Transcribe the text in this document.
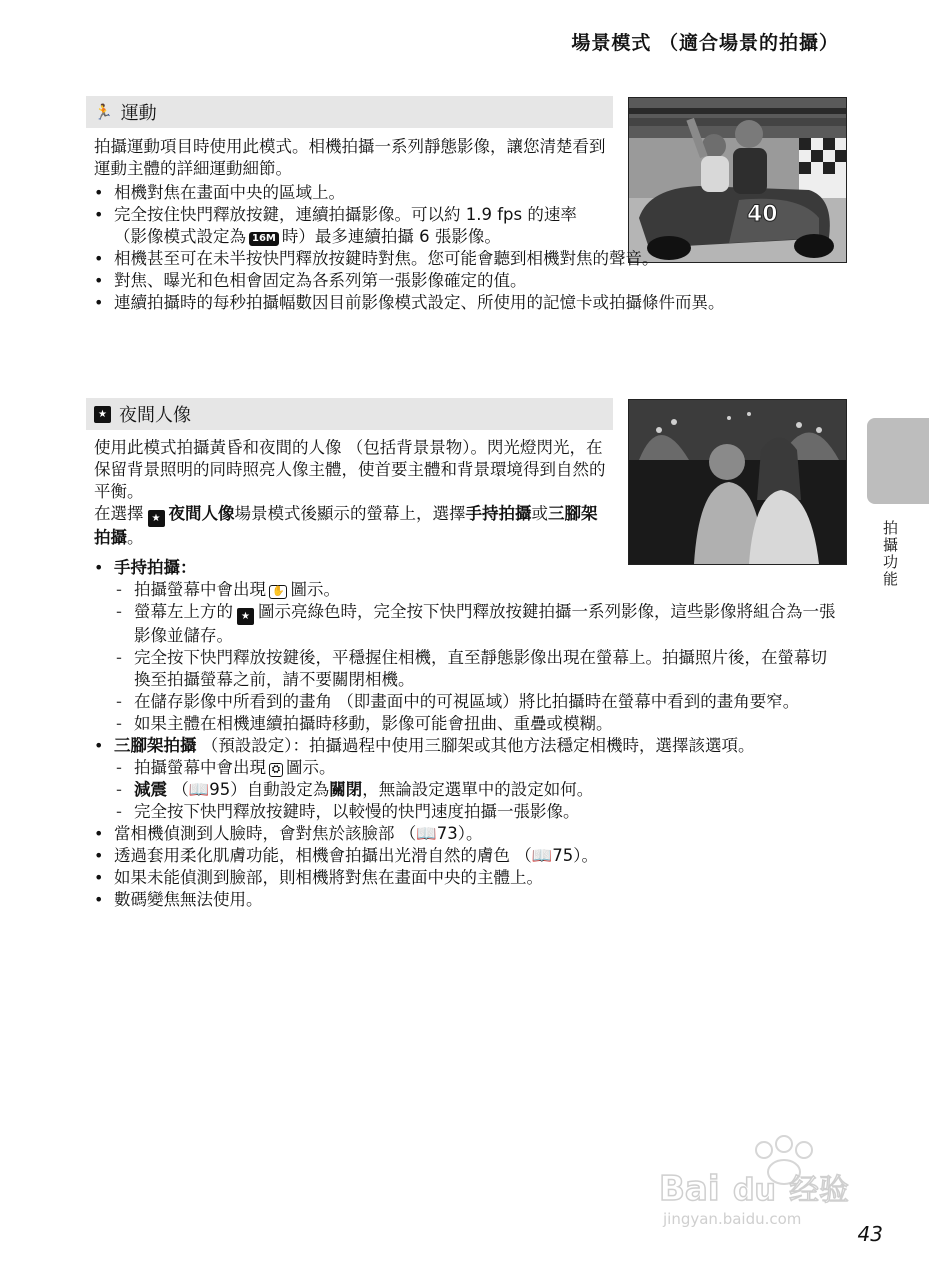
場景模式 （適合場景的拍攝）
🏃 運動
40

拍攝運動項目時使用此模式。相機拍攝一系列靜態影像，讓您清楚看到運動主體的詳細運動細節。

• 相機對焦在畫面中央的區域上。
• 完全按住快門釋放按鍵，連續拍攝影像。可以約 1.9 fps 的速率 （影像模式設定為 16M 時）最多連續拍攝 6 張影像。
• 相機甚至可在未半按快門釋放按鍵時對焦。您可能會聽到相機對焦的聲音。
• 對焦、曝光和色相會固定為各系列第一張影像確定的值。
• 連續拍攝時的每秒拍攝幅數因目前影像模式設定、所使用的記憶卡或拍攝條件而異。
★ 夜間人像

使用此模式拍攝黃昏和夜間的人像 （包括背景景物）。閃光燈閃光，在保留背景照明的同時照亮人像主體，使首要主體和背景環境得到自然的平衡。

在選擇 ★ 夜間人像場景模式後顯示的螢幕上，選擇手持拍攝或三腳架拍攝。

• 手持拍攝：
- 拍攝螢幕中會出現 ✋ 圖示。
- 螢幕左上方的 ★ 圖示亮綠色時，完全按下快門釋放按鍵拍攝一系列影像，這些影像將組合為一張影像並儲存。
- 完全按下快門釋放按鍵後，平穩握住相機，直至靜態影像出現在螢幕上。拍攝照片後，在螢幕切換至拍攝螢幕之前，請不要關閉相機。
- 在儲存影像中所看到的畫角 （即畫面中的可視區域）將比拍攝時在螢幕中看到的畫角要窄。
- 如果主體在相機連續拍攝時移動，影像可能會扭曲、重疊或模糊。
• 三腳架拍攝 （預設設定）：拍攝過程中使用三腳架或其他方法穩定相機時，選擇該選項。
- 拍攝螢幕中會出現 ⛭ 圖示。
- 減震 （📖95）自動設定為關閉，無論設定選單中的設定如何。
- 完全按下快門釋放按鍵時，以較慢的快門速度拍攝一張影像。
• 當相機偵測到人臉時，會對焦於該臉部 （📖73）。
• 透過套用柔化肌膚功能，相機會拍攝出光滑自然的膚色 （📖75）。
• 如果未能偵測到臉部，則相機將對焦在畫面中央的主體上。
• 數碼變焦無法使用。
拍攝功能
Bai du 经验
jingyan.baidu.com
43
